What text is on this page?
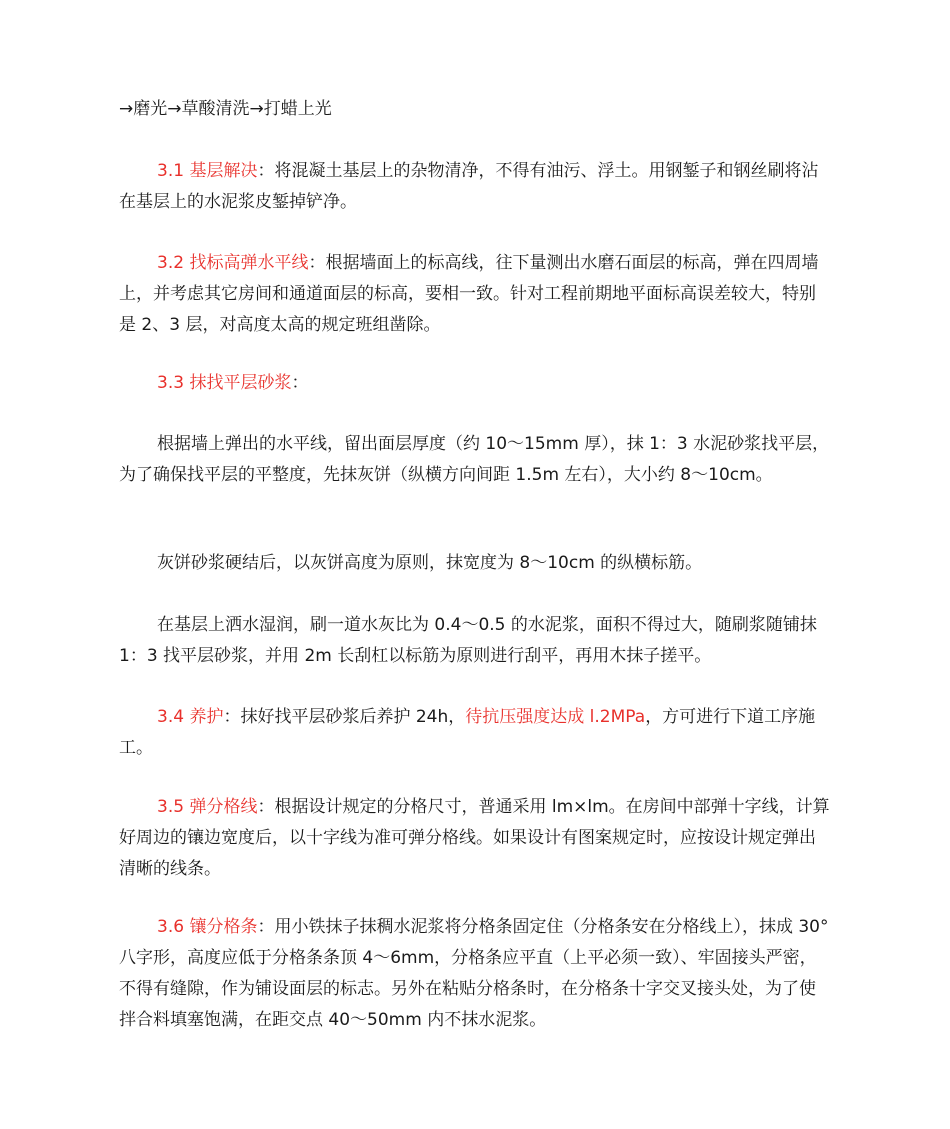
→磨光→草酸清洗→打蜡上光

3.1 基层解决：将混凝土基层上的杂物清净，不得有油污、浮土。用钢錾子和钢丝刷将沾在基层上的水泥浆皮錾掉铲净。

3.2 找标高弹水平线：根据墙面上的标高线，往下量测出水磨石面层的标高，弹在四周墙上，并考虑其它房间和通道面层的标高，要相一致。针对工程前期地平面标高误差较大，特别是 2、3 层，对高度太高的规定班组凿除。

3.3 抹找平层砂浆：

根据墙上弹出的水平线，留出面层厚度（约 10～15mm 厚），抹 1：3 水泥砂浆找平层，为了确保找平层的平整度，先抹灰饼（纵横方向间距 1.5m 左右），大小约 8～10cm。

灰饼砂浆硬结后，以灰饼高度为原则，抹宽度为 8～10cm 的纵横标筋。

在基层上洒水湿润，刷一道水灰比为 0.4～0.5 的水泥浆，面积不得过大，随刷浆随铺抹 1：3 找平层砂浆，并用 2m 长刮杠以标筋为原则进行刮平，再用木抹子搓平。

3.4 养护：抹好找平层砂浆后养护 24h，待抗压强度达成 l.2MPa，方可进行下道工序施工。

3.5 弹分格线：根据设计规定的分格尺寸，普通采用 lm×lm。在房间中部弹十字线，计算好周边的镶边宽度后，以十字线为准可弹分格线。如果设计有图案规定时，应按设计规定弹出清晰的线条。

3.6 镶分格条：用小铁抹子抹稠水泥浆将分格条固定住（分格条安在分格线上），抹成 30°八字形，高度应低于分格条条顶 4～6mm，分格条应平直（上平必须一致）、牢固接头严密，不得有缝隙，作为铺设面层的标志。另外在粘贴分格条时，在分格条十字交叉接头处，为了使拌合料填塞饱满，在距交点 40～50mm 内不抹水泥浆。
